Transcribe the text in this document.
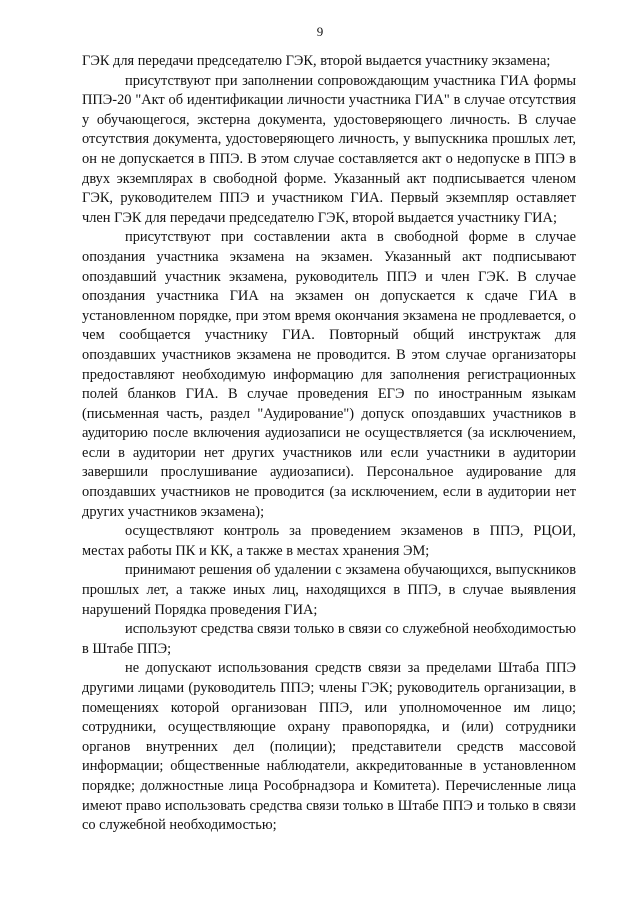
9

ГЭК для передачи председателю ГЭК, второй выдается участнику экзамена;

присутствуют при заполнении сопровождающим участника ГИА формы ППЭ-20 "Акт об идентификации личности участника ГИА" в случае отсутствия у обучающегося, экстерна документа, удостоверяющего личность. В случае отсутствия документа, удостоверяющего личность, у выпускника прошлых лет, он не допускается в ППЭ. В этом случае составляется акт о недопуске в ППЭ в двух экземплярах в свободной форме. Указанный акт подписывается членом ГЭК, руководителем ППЭ и участником ГИА. Первый экземпляр оставляет член ГЭК для передачи председателю ГЭК, второй выдается участнику ГИА;

присутствуют при составлении акта в свободной форме в случае опоздания участника экзамена на экзамен. Указанный акт подписывают опоздавший участник экзамена, руководитель ППЭ и член ГЭК. В случае опоздания участника ГИА на экзамен он допускается к сдаче ГИА в установленном порядке, при этом время окончания экзамена не продлевается, о чем сообщается участнику ГИА. Повторный общий инструктаж для опоздавших участников экзамена не проводится. В этом случае организаторы предоставляют необходимую информацию для заполнения регистрационных полей бланков ГИА. В случае проведения ЕГЭ по иностранным языкам (письменная часть, раздел "Аудирование") допуск опоздавших участников в аудиторию после включения аудиозаписи не осуществляется (за исключением, если в аудитории нет других участников или если участники в аудитории завершили прослушивание аудиозаписи). Персональное аудирование для опоздавших участников не проводится (за исключением, если в аудитории нет других участников экзамена);

осуществляют контроль за проведением экзаменов в ППЭ, РЦОИ, местах работы ПК и КК, а также в местах хранения ЭМ;

принимают решения об удалении с экзамена обучающихся, выпускников прошлых лет, а также иных лиц, находящихся в ППЭ, в случае выявления нарушений Порядка проведения ГИА;

используют средства связи только в связи со служебной необходимостью в Штабе ППЭ;

не допускают использования средств связи за пределами Штаба ППЭ другими лицами (руководитель ППЭ; члены ГЭК; руководитель организации, в помещениях которой организован ППЭ, или уполномоченное им лицо; сотрудники, осуществляющие охрану правопорядка, и (или) сотрудники органов внутренних дел (полиции); представители средств массовой информации; общественные наблюдатели, аккредитованные в установленном порядке; должностные лица Рособрнадзора и Комитета). Перечисленные лица имеют право использовать средства связи только в Штабе ППЭ и только в связи со служебной необходимостью;
